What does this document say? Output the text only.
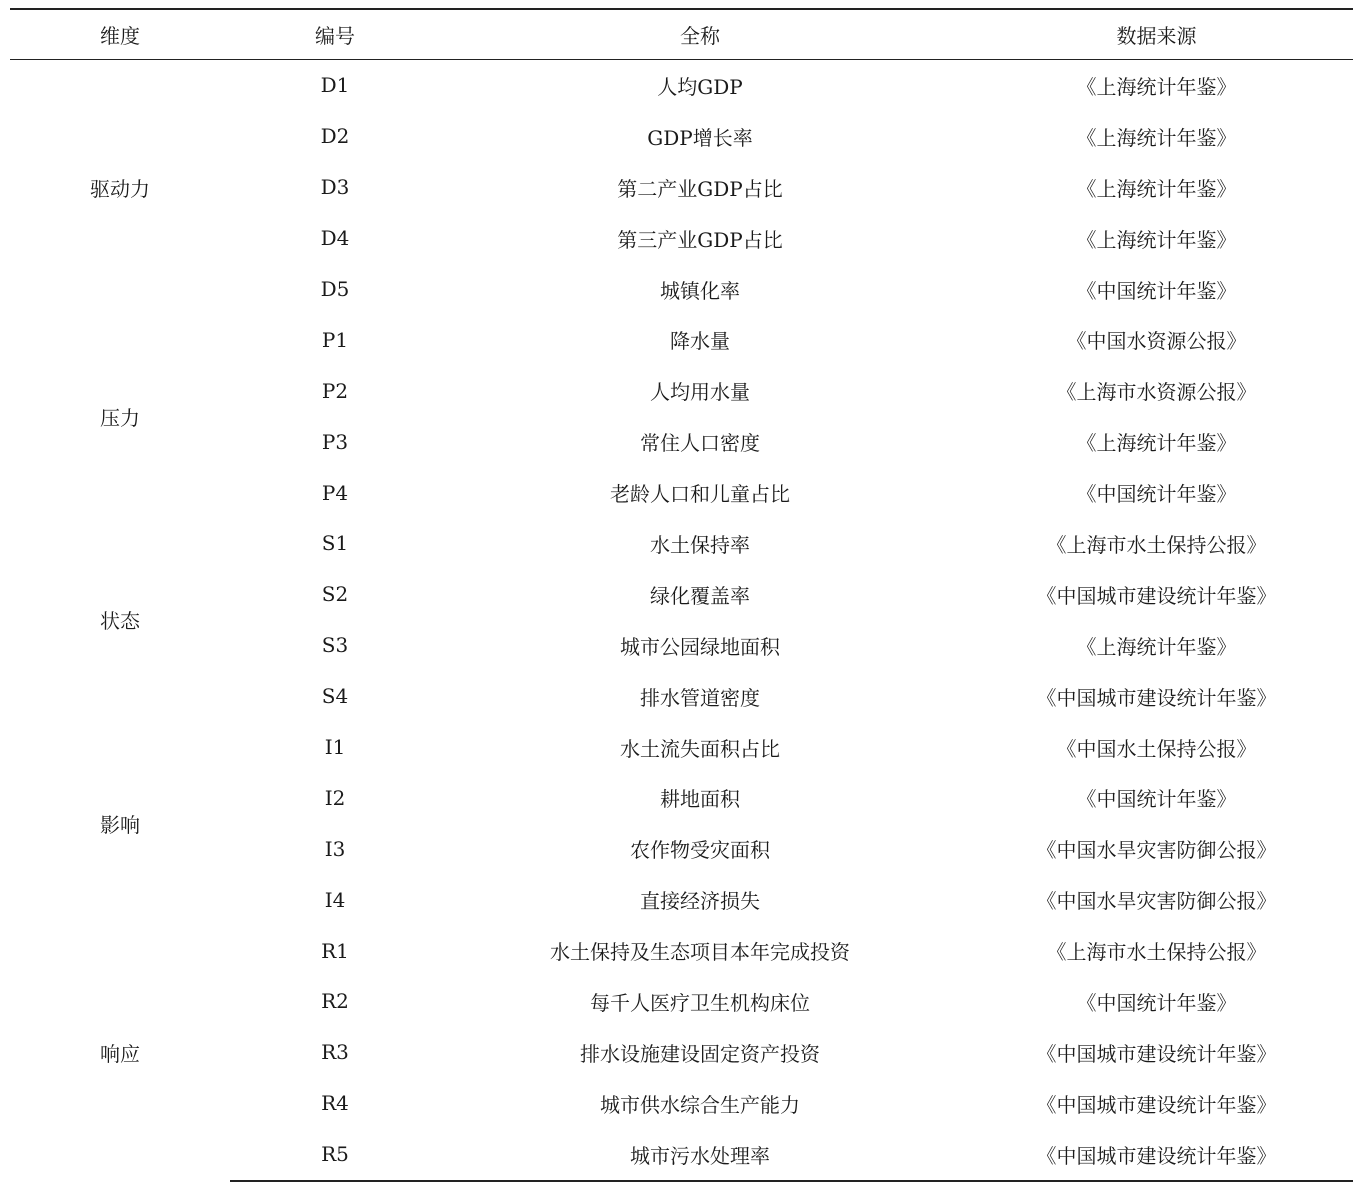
维度	编号	全称	数据来源
驱动力	D1	人均GDP	《上海统计年鉴》
	D2	GDP增长率	《上海统计年鉴》
	D3	第二产业GDP占比	《上海统计年鉴》
	D4	第三产业GDP占比	《上海统计年鉴》
	D5	城镇化率	《中国统计年鉴》
压力	P1	降水量	《中国水资源公报》
	P2	人均用水量	《上海市水资源公报》
	P3	常住人口密度	《上海统计年鉴》
	P4	老龄人口和儿童占比	《中国统计年鉴》
状态	S1	水土保持率	《上海市水土保持公报》
	S2	绿化覆盖率	《中国城市建设统计年鉴》
	S3	城市公园绿地面积	《上海统计年鉴》
	S4	排水管道密度	《中国城市建设统计年鉴》
影响	I1	水土流失面积占比	《中国水土保持公报》
	I2	耕地面积	《中国统计年鉴》
	I3	农作物受灾面积	《中国水旱灾害防御公报》
	I4	直接经济损失	《中国水旱灾害防御公报》
响应	R1	水土保持及生态项目本年完成投资	《上海市水土保持公报》
	R2	每千人医疗卫生机构床位	《中国统计年鉴》
	R3	排水设施建设固定资产投资	《中国城市建设统计年鉴》
	R4	城市供水综合生产能力	《中国城市建设统计年鉴》
	R5	城市污水处理率	《中国城市建设统计年鉴》
